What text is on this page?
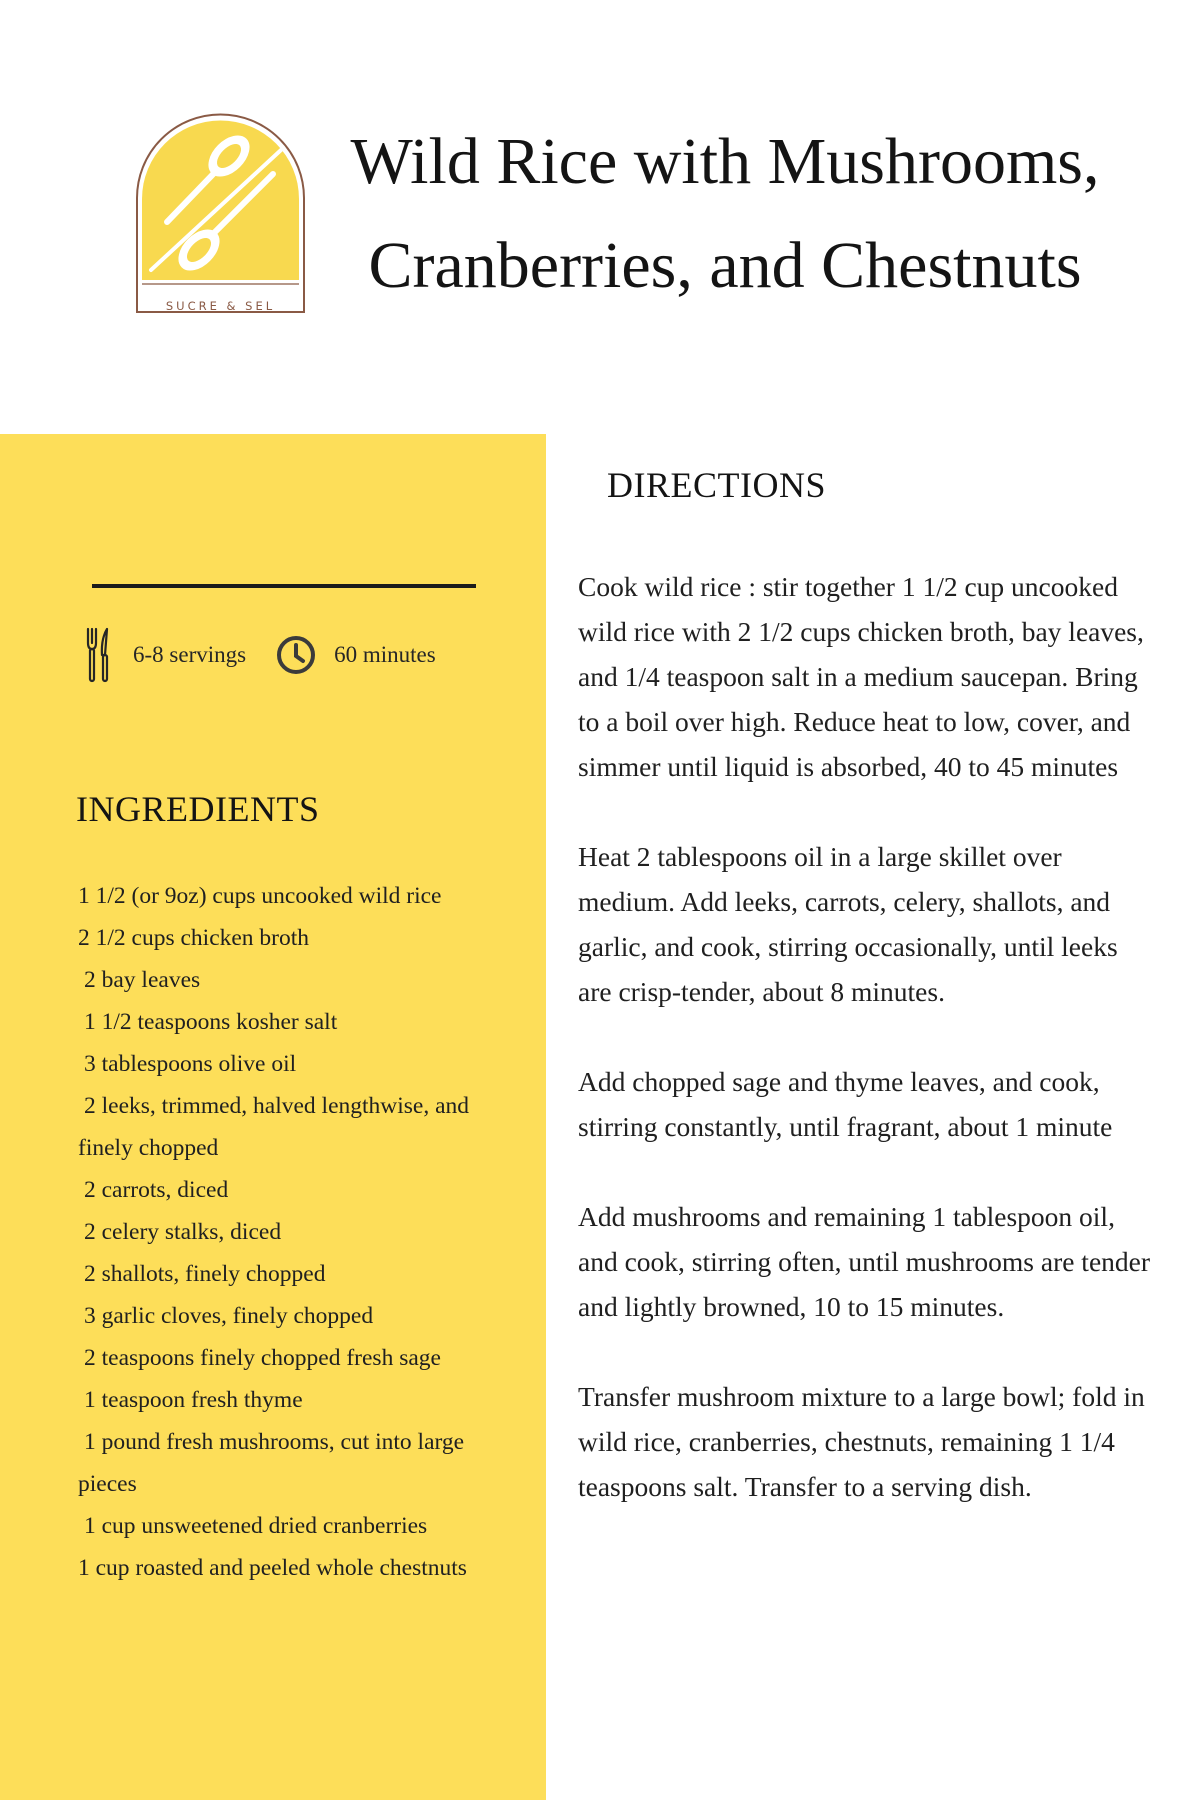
SUCRE & SEL
Wild Rice with Mushrooms,
Cranberries, and Chestnuts
6-8 servings	60 minutes
INGREDIENTS
1 1/2 (or 9oz) cups uncooked wild rice
2 1/2 cups chicken broth
2 bay leaves
1 1/2 teaspoons kosher salt
3 tablespoons olive oil
2 leeks, trimmed, halved lengthwise, and
finely chopped
2 carrots, diced
2 celery stalks, diced
2 shallots, finely chopped
3 garlic cloves, finely chopped
2 teaspoons finely chopped fresh sage
1 teaspoon fresh thyme
1 pound fresh mushrooms, cut into large
pieces
1 cup unsweetened dried cranberries
1 cup roasted and peeled whole chestnuts
DIRECTIONS

Cook wild rice : stir together 1 1/2 cup uncooked wild rice with 2 1/2 cups chicken broth, bay leaves, and 1/4 teaspoon salt in a medium saucepan. Bring to a boil over high. Reduce heat to low, cover, and simmer until liquid is absorbed, 40 to 45 minutes

Heat 2 tablespoons oil in a large skillet over medium. Add leeks, carrots, celery, shallots, and garlic, and cook, stirring occasionally, until leeks are crisp-tender, about 8 minutes.

Add chopped sage and thyme leaves, and cook, stirring constantly, until fragrant, about 1 minute

Add mushrooms and remaining 1 tablespoon oil, and cook, stirring often, until mushrooms are tender and lightly browned, 10 to 15 minutes.

Transfer mushroom mixture to a large bowl; fold in wild rice, cranberries, chestnuts, remaining 1 1/4 teaspoons salt. Transfer to a serving dish.
